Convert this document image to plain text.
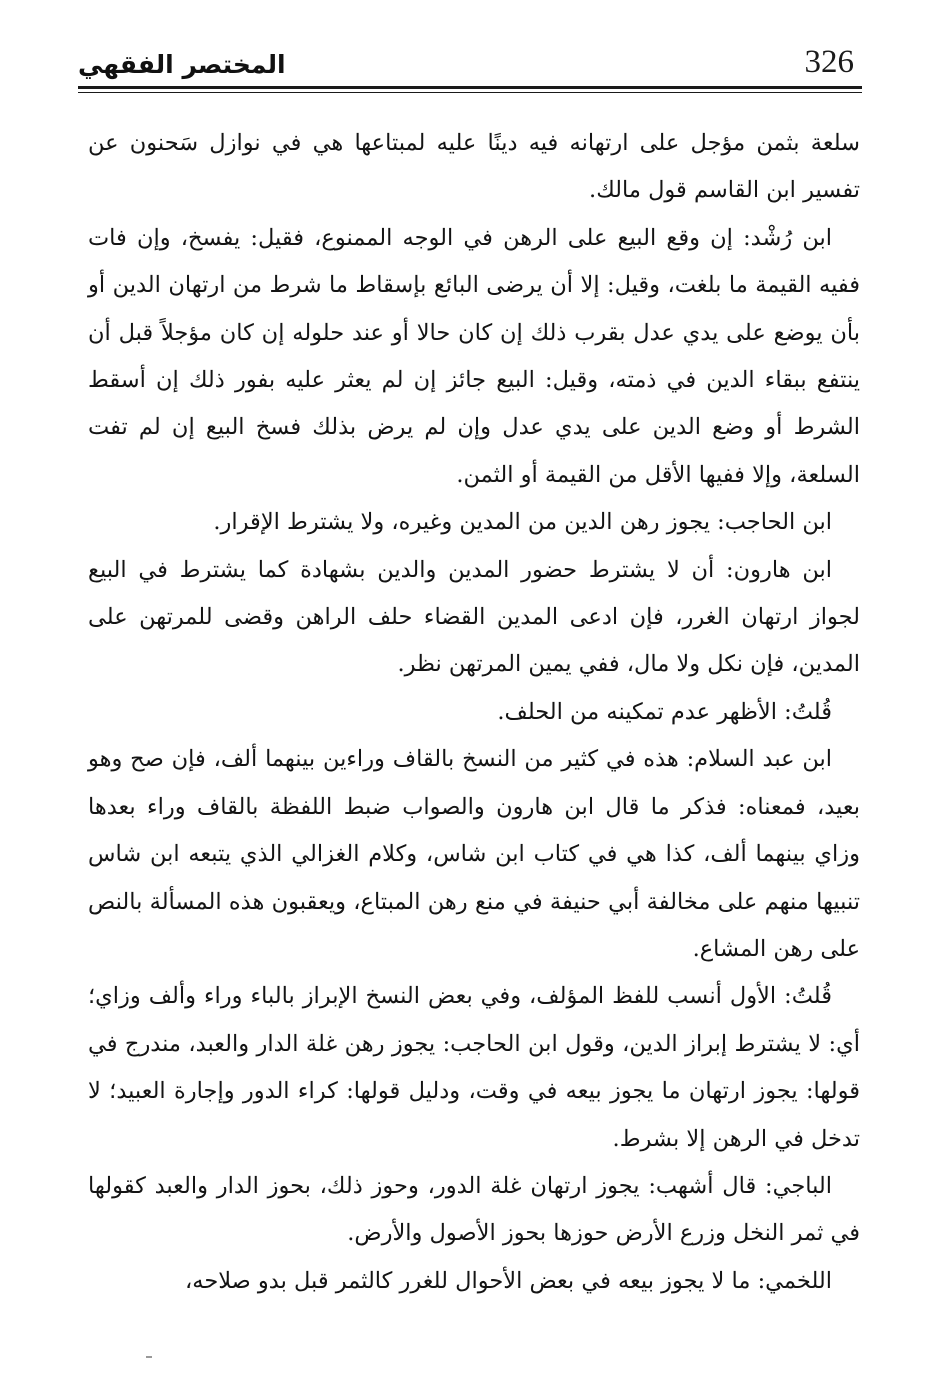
326
المختصر الفقهي

سلعة بثمن مؤجل على ارتهانه فيه دينًا عليه لمبتاعها هي في نوازل سَحنون عن تفسير ابن القاسم قول مالك.

ابن رُشْد: إن وقع البيع على الرهن في الوجه الممنوع، فقيل: يفسخ، وإن فات ففيه القيمة ما بلغت، وقيل: إلا أن يرضى البائع بإسقاط ما شرط من ارتهان الدين أو بأن يوضع على يدي عدل بقرب ذلك إن كان حالا أو عند حلوله إن كان مؤجلاً قبل أن ينتفع ببقاء الدين في ذمته، وقيل: البيع جائز إن لم يعثر عليه بفور ذلك إن أسقط الشرط أو وضع الدين على يدي عدل وإن لم يرض بذلك فسخ البيع إن لم تفت السلعة، وإلا ففيها الأقل من القيمة أو الثمن.

ابن الحاجب: يجوز رهن الدين من المدين وغيره، ولا يشترط الإقرار.

ابن هارون: أن لا يشترط حضور المدين والدين بشهادة كما يشترط في البيع لجواز ارتهان الغرر، فإن ادعى المدين القضاء حلف الراهن وقضى للمرتهن على المدين، فإن نكل ولا مال، ففي يمين المرتهن نظر.

قُلتُ: الأظهر عدم تمكينه من الحلف.

ابن عبد السلام: هذه في كثير من النسخ بالقاف وراءين بينهما ألف، فإن صح وهو بعيد، فمعناه: فذكر ما قال ابن هارون والصواب ضبط اللفظة بالقاف وراء بعدها وزاي بينهما ألف، كذا هي في كتاب ابن شاس، وكلام الغزالي الذي يتبعه ابن شاس تنبيها منهم على مخالفة أبي حنيفة في منع رهن المبتاع، ويعقبون هذه المسألة بالنص على رهن المشاع.

قُلتُ: الأول أنسب للفظ المؤلف، وفي بعض النسخ الإبراز بالباء وراء وألف وزاي؛ أي: لا يشترط إبراز الدين، وقول ابن الحاجب: يجوز رهن غلة الدار والعبد، مندرج في قولها: يجوز ارتهان ما يجوز بيعه في وقت، ودليل قولها: كراء الدور وإجارة العبيد؛ لا تدخل في الرهن إلا بشرط.

الباجي: قال أشهب: يجوز ارتهان غلة الدور، وحوز ذلك، بحوز الدار والعبد كقولها في ثمر النخل وزرع الأرض حوزها بحوز الأصول والأرض.

اللخمي: ما لا يجوز بيعه في بعض الأحوال للغرر كالثمر قبل بدو صلاحه،
